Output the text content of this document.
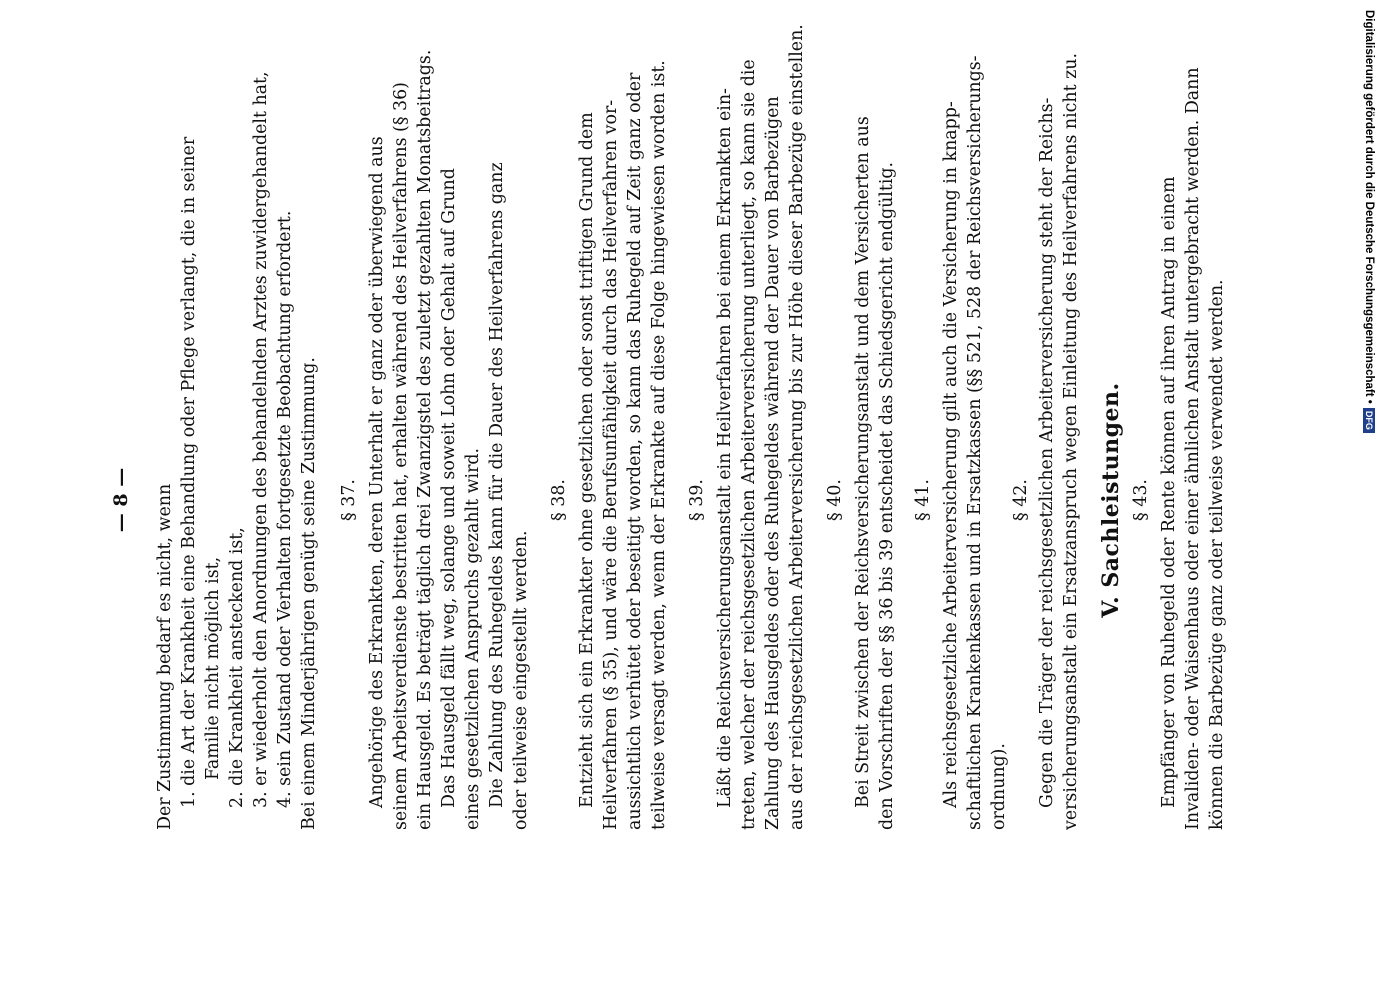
— 8 — Der Zustimmung bedarf es nicht, wenn 1. die Art der Krankheit eine Behandlung oder Pflege verlangt, die in seiner Familie nicht möglich ist, 2. die Krankheit ansteckend ist, 3. er wiederholt den Anordnungen des behandelnden Arztes zuwidergehandelt hat, 4. sein Zustand oder Verhalten fortgesetzte Beobachtung erfordert. Bei einem Minderjährigen genügt seine Zustimmung. § 37. Angehörige des Erkrankten, deren Unterhalt er ganz oder überwiegend aus seinem Arbeitsverdienste bestritten hat, erhalten während des Heilverfahrens (§ 36) ein Hausgeld. Es beträgt täglich drei Zwanzigstel des zuletzt gezahlten Monatsbeitrags. Das Hausgeld fällt weg, solange und soweit Lohn oder Gehalt auf Grund eines gesetzlichen Anspruchs gezahlt wird. Die Zahlung des Ruhegeldes kann für die Dauer des Heilverfahrens ganz oder teilweise eingestellt werden.
§ 38. Entzieht sich ein Erkrankter ohne gesetzlichen oder sonst triftigen Grund dem Heilverfahren (§ 35), und wäre die Berufsunfähigkeit durch das Heilverfahren vor- aussichtlich verhütet oder beseitigt worden, so kann das Ruhegeld auf Zeit ganz oder teilweise versagt werden, wenn der Erkrankte auf diese Folge hingewiesen worden ist. § 39. Läßt die Reichsversicherungsanstalt ein Heilverfahren bei einem Erkrankten ein- treten, welcher der reichsgesetzlichen Arbeiterversicherung unterliegt, so kann sie die Zahlung des Hausgeldes oder des Ruhegeldes während der Dauer von Barbezügen aus der reichsgesetzlichen Arbeiterversicherung bis zur Höhe dieser Barbezüge einstellen. § 40. Bei Streit zwischen der Reichsversicherungsanstalt und dem Versicherten aus den Vorschriften der §§ 36 bis 39 entscheidet das Schiedsgericht endgültig. § 41. Als reichsgesetzliche Arbeiterversicherung gilt auch die Versicherung in knapp- schaftlichen Krankenkassen und in Ersatzkassen (§§ 521, 528 der Reichsversicherungs- ordnung).
§ 42. Gegen die Träger der reichsgesetzlichen Arbeiterversicherung steht der Reichs- versicherungsanstalt ein Ersatzanspruch wegen Einleitung des Heilverfahrens nicht zu. V. Sachleistungen. § 43. Empfänger von Ruhegeld oder Rente können auf ihren Antrag in einem Invaliden- oder Waisenhaus oder einer ähnlichen Anstalt untergebracht werden. Dann können die Barbezüge ganz oder teilweise verwendet werden.
Digitalisierung gefördert durch die Deutsche Forschungsgemeinschaft •
DFG
